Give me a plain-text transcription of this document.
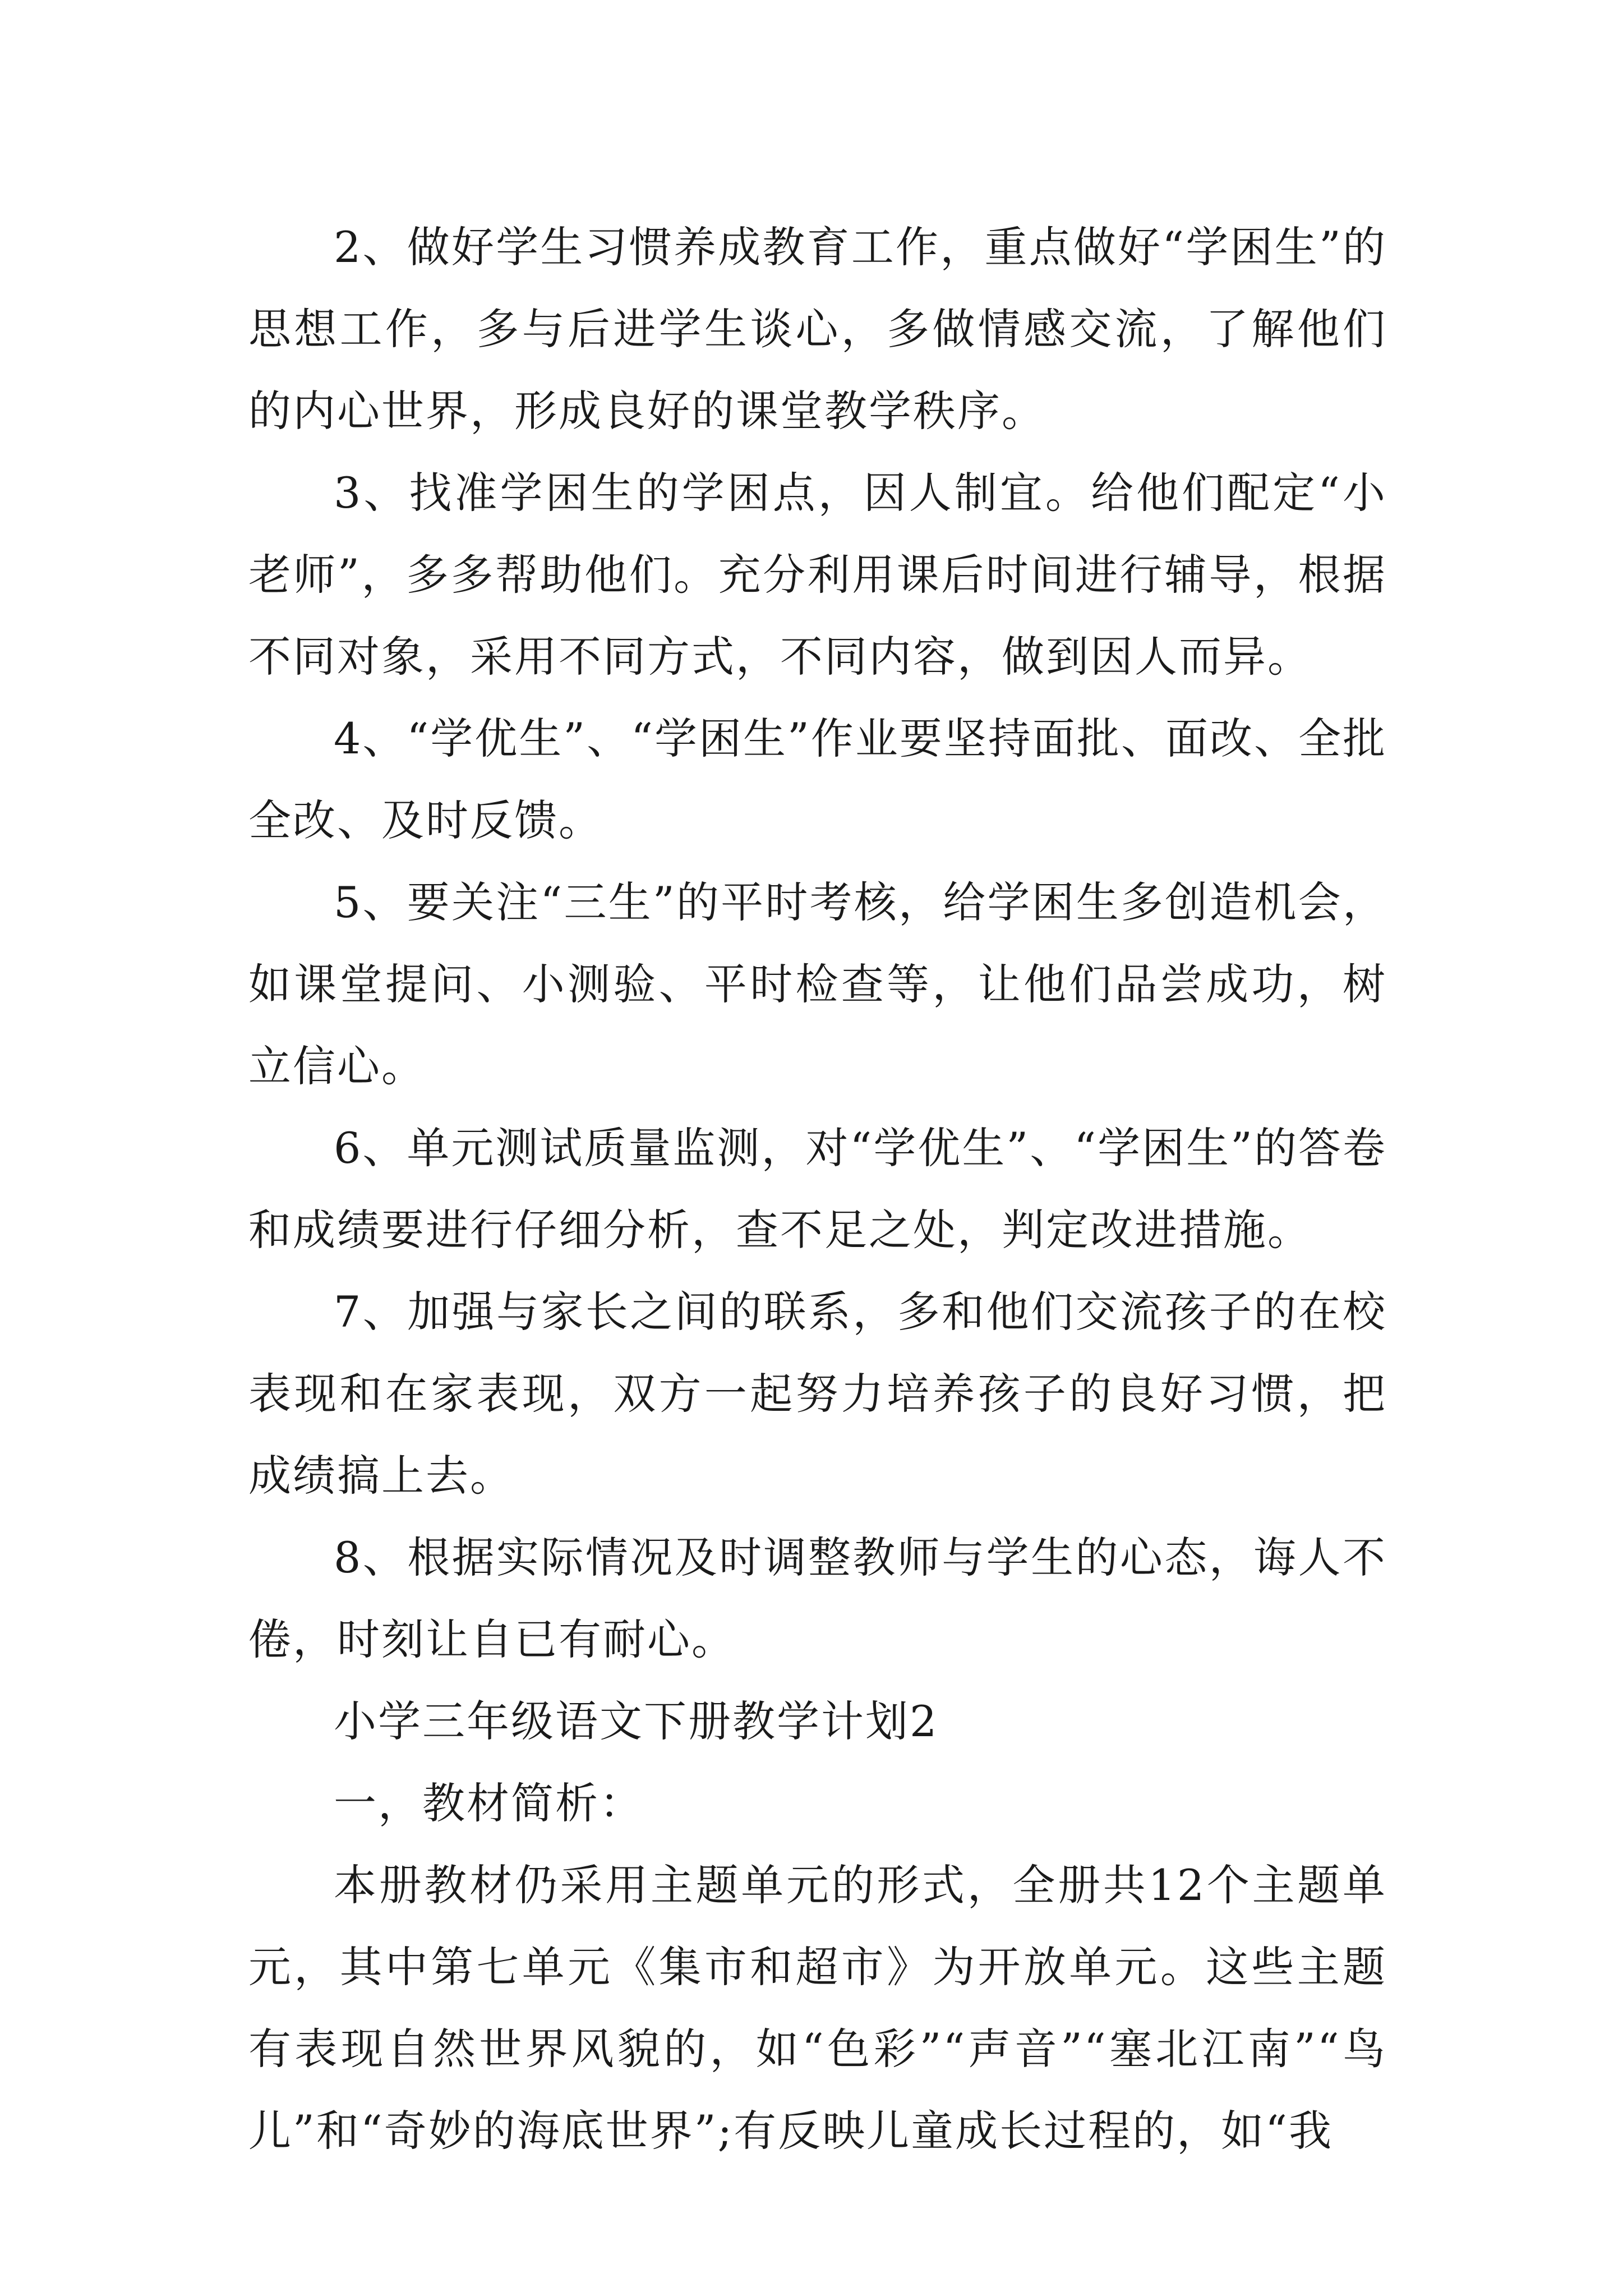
2、做好学生习惯养成教育工作，重点做好“学困生”的思想工作，多与后进学生谈心，多做情感交流，了解他们的内心世界，形成良好的课堂教学秩序。

3、找准学困生的学困点，因人制宜。给他们配定“小老师”，多多帮助他们。充分利用课后时间进行辅导，根据不同对象，采用不同方式，不同内容，做到因人而异。

4、“学优生”、“学困生”作业要坚持面批、面改、全批全改、及时反馈。

5、要关注“三生”的平时考核，给学困生多创造机会，如课堂提问、小测验、平时检查等，让他们品尝成功，树立信心。

6、单元测试质量监测，对“学优生”、“学困生”的答卷和成绩要进行仔细分析，查不足之处，判定改进措施。

7、加强与家长之间的联系，多和他们交流孩子的在校表现和在家表现，双方一起努力培养孩子的良好习惯，把成绩搞上去。

8、根据实际情况及时调整教师与学生的心态，诲人不倦，时刻让自已有耐心。

小学三年级语文下册教学计划2

一，教材简析：

本册教材仍采用主题单元的形式，全册共12个主题单元，其中第七单元《集市和超市》为开放单元。这些主题有表现自然世界风貌的，如“色彩”“声音”“塞北江南”“鸟儿”和“奇妙的海底世界”;有反映儿童成长过程的，如“我
